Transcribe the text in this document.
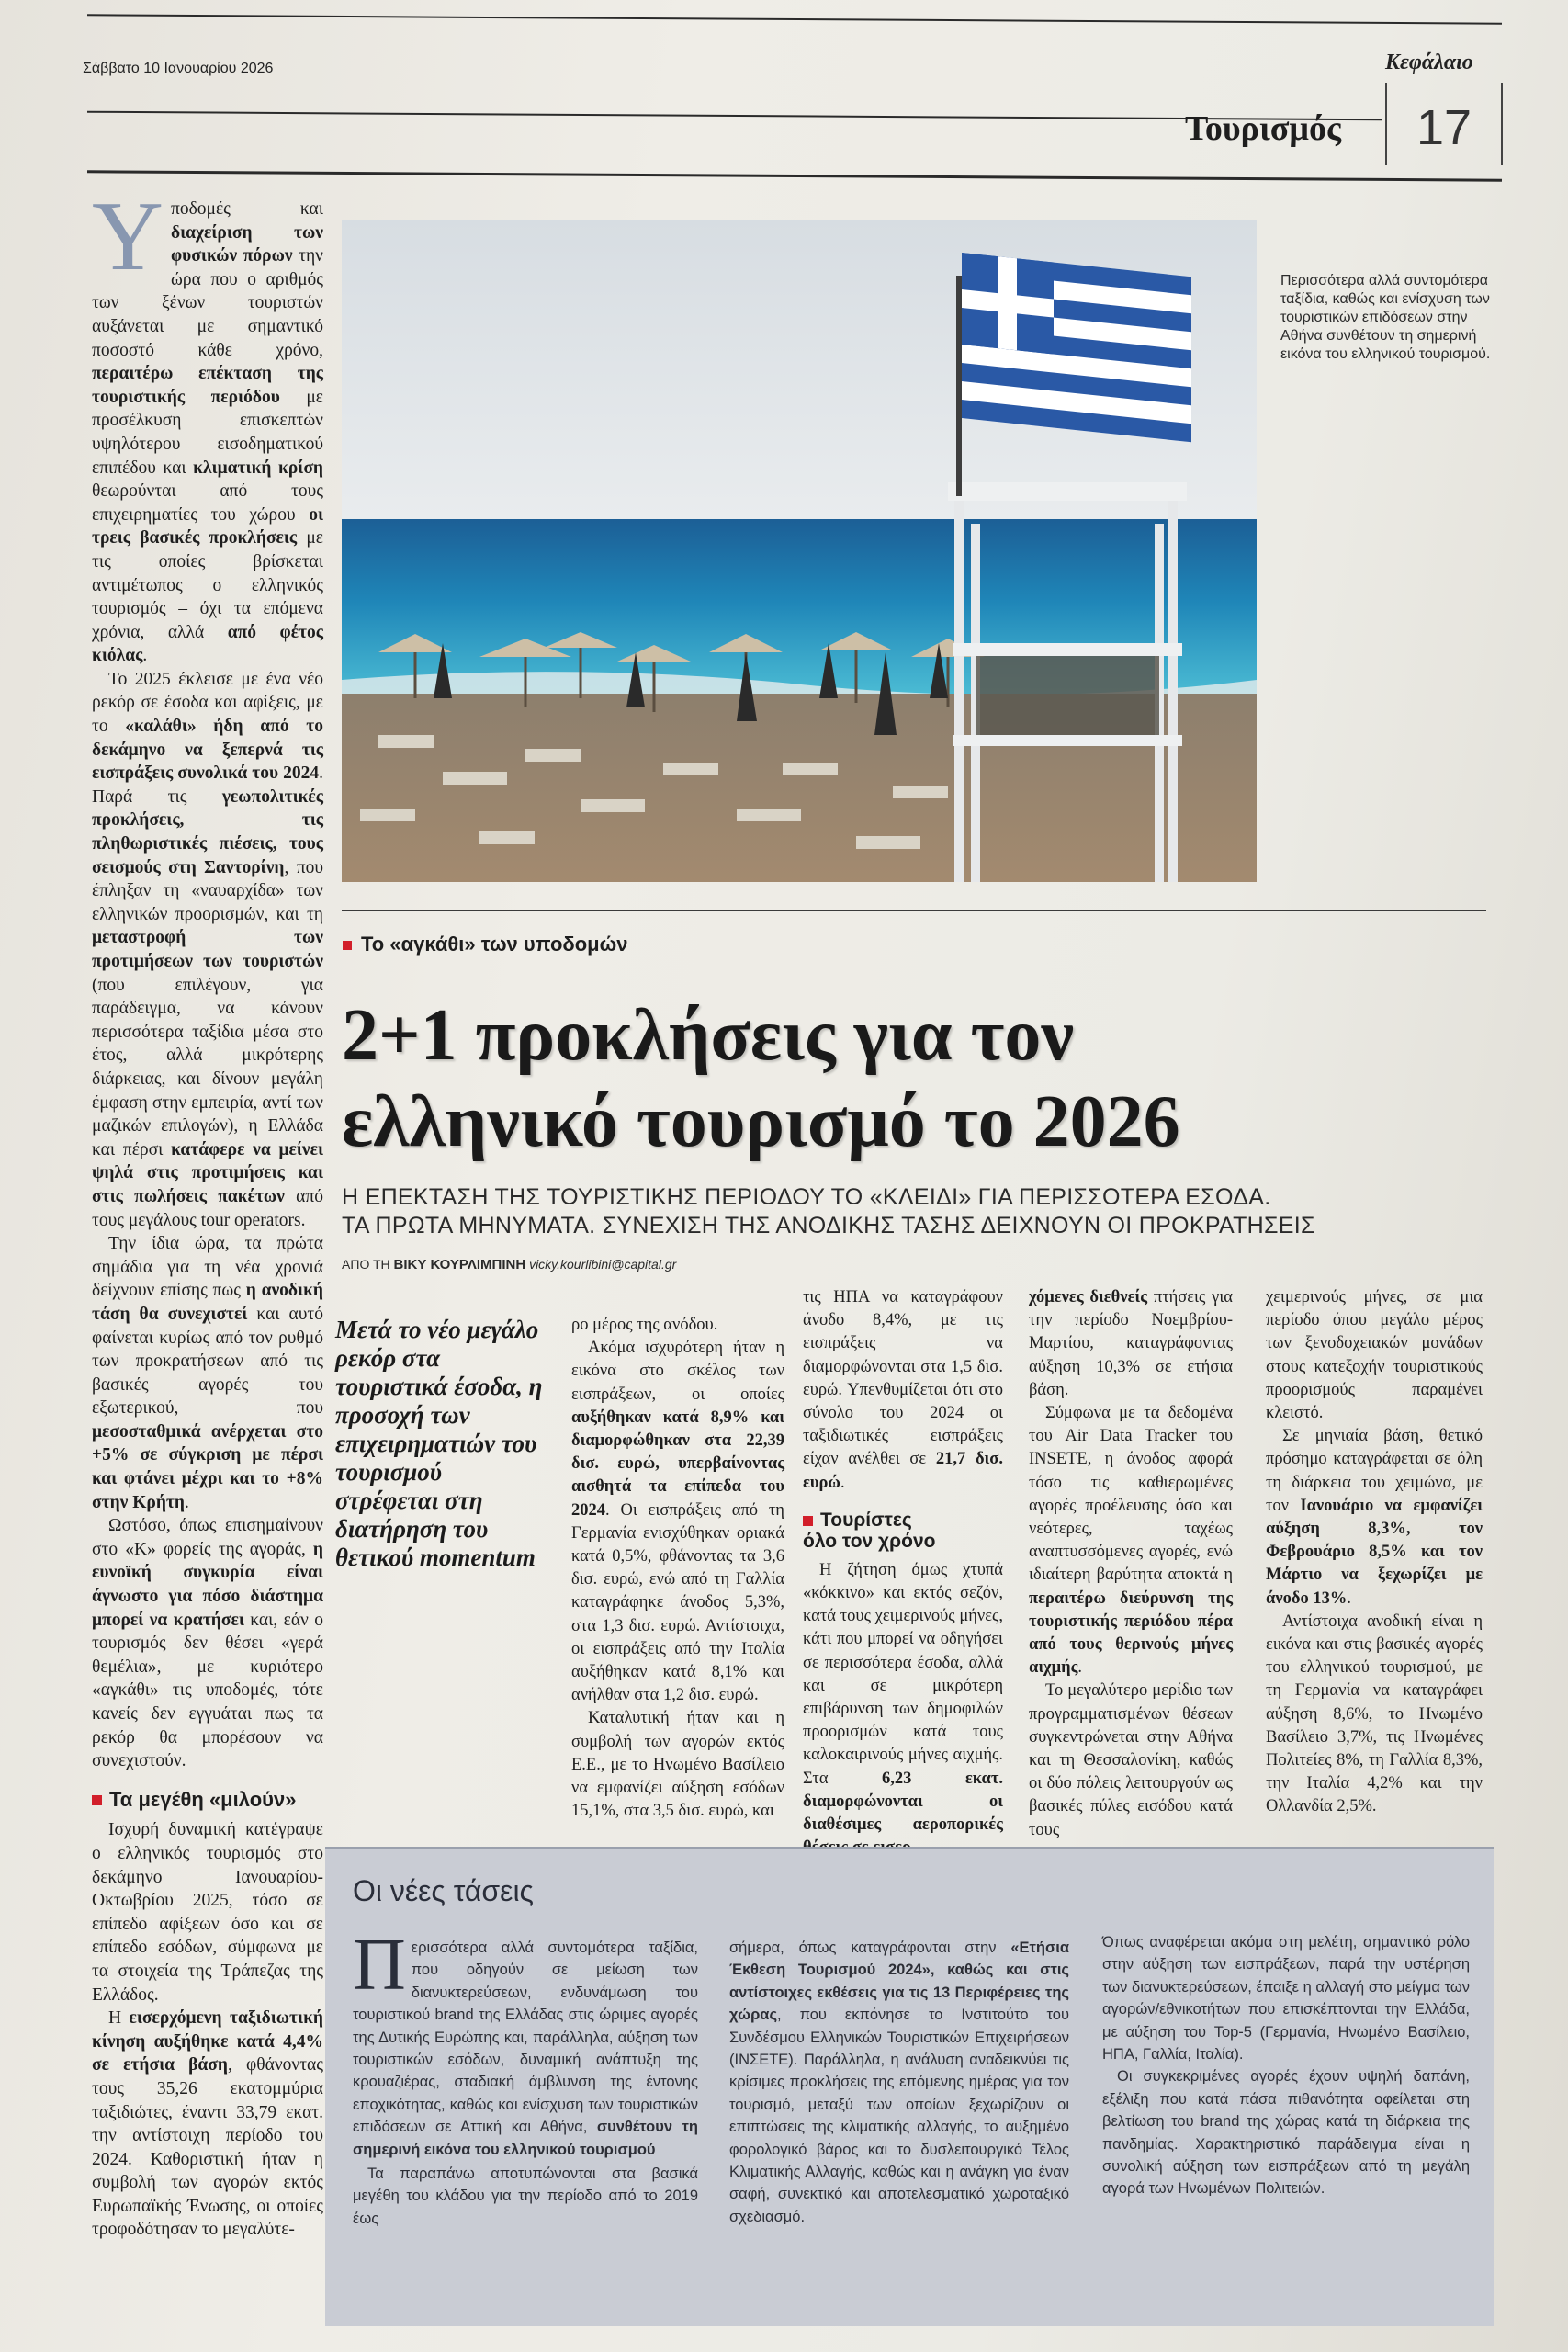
Σάββατο 10 Ιανουαρίου 2026	Κεφάλαιο
Τουρισμός 17

Υ ποδομές και διαχείριση των φυσικών πόρων την ώρα που ο αριθμός των ξένων τουριστών αυξάνεται με σημαντικό ποσοστό κάθε χρόνο, περαιτέρω επέκταση της τουριστικής περιόδου με προσέλκυση επισκεπτών υψηλότερου εισοδηματικού επιπέδου και κλιματική κρίση θεωρούνται από τους επιχειρηματίες του χώρου οι τρεις βασικές προκλήσεις με τις οποίες βρίσκεται αντιμέτωπος ο ελληνικός τουρισμός – όχι τα επόμενα χρόνια, αλλά από φέτος κιόλας.

Το 2025 έκλεισε με ένα νέο ρεκόρ σε έσοδα και αφίξεις, με το «καλάθι» ήδη από το δεκάμηνο να ξεπερνά τις εισπράξεις συνολικά του 2024. Παρά τις γεωπολιτικές προκλήσεις, τις πληθωριστικές πιέσεις, τους σεισμούς στη Σαντορίνη, που έπληξαν τη «ναυαρχίδα» των ελληνικών προορισμών, και τη μεταστροφή των προτιμήσεων των τουριστών (που επιλέγουν, για παράδειγμα, να κάνουν περισσότερα ταξίδια μέσα στο έτος, αλλά μικρότερης διάρκειας, και δίνουν μεγάλη έμφαση στην εμπειρία, αντί των μαζικών επιλογών), η Ελλάδα και πέρσι κατάφερε να μείνει ψηλά στις προτιμήσεις και στις πωλήσεις πακέτων από τους μεγάλους tour operators.

Την ίδια ώρα, τα πρώτα σημάδια για τη νέα χρονιά δείχνουν επίσης πως η ανοδική τάση θα συνεχιστεί και αυτό φαίνεται κυρίως από τον ρυθμό των προκρατήσεων από τις βασικές αγορές του εξωτερικού, που μεσοσταθμικά ανέρχεται στο +5% σε σύγκριση με πέρσι και φτάνει μέχρι και το +8% στην Κρήτη.

Ωστόσο, όπως επισημαίνουν στο «Κ» φορείς της αγοράς, η ευνοϊκή συγκυρία είναι άγνωστο για πόσο διάστημα μπορεί να κρατήσει και, εάν ο τουρισμός δεν θέσει «γερά θεμέλια», με κυριότερο «αγκάθι» τις υποδομές, τότε κανείς δεν εγγυάται πως τα ρεκόρ θα μπορέσουν να συνεχιστούν.

Τα μεγέθη «μιλούν»

Ισχυρή δυναμική κατέγραψε ο ελληνικός τουρισμός στο δεκάμηνο Ιανουαρίου-Οκτωβρίου 2025, τόσο σε επίπεδο αφίξεων όσο και σε επίπεδο εσόδων, σύμφωνα με τα στοιχεία της Τράπεζας της Ελλάδος.

Η εισερχόμενη ταξιδιωτική κίνηση αυξήθηκε κατά 4,4% σε ετήσια βάση, φθάνοντας τους 35,26 εκατομμύρια ταξιδιώτες, έναντι 33,79 εκατ. την αντίστοιχη περίοδο του 2024. Καθοριστική ήταν η συμβολή των αγορών εκτός Ευρωπαϊκής Ένωσης, οι οποίες τροφοδότησαν το μεγαλύτε-

Περισσότερα αλλά συντομότερα ταξίδια, καθώς και ενίσχυση των τουριστικών επιδόσεων στην Αθήνα συνθέτουν τη σημερινή εικόνα του ελληνικού τουρισμού.
Το «αγκάθι» των υποδομών
2+1 προκλήσεις για τον
ελληνικό τουρισμό το 2026
Η ΕΠΕΚΤΑΣΗ ΤΗΣ ΤΟΥΡΙΣΤΙΚΗΣ ΠΕΡΙΟΔΟΥ ΤΟ «ΚΛΕΙΔΙ» ΓΙΑ ΠΕΡΙΣΣΟΤΕΡΑ ΕΣΟΔΑ.
ΤΑ ΠΡΩΤΑ ΜΗΝΥΜΑΤΑ. ΣΥΝΕΧΙΣΗ ΤΗΣ ΑΝΟΔΙΚΗΣ ΤΑΣΗΣ ΔΕΙΧΝΟΥΝ ΟΙ ΠΡΟΚΡΑΤΗΣΕΙΣ
ΑΠΟ ΤΗ ΒΙΚΥ ΚΟΥΡΛΙΜΠΙΝΗ vicky.kourlibini@capital.gr
Μετά το νέο μεγάλο ρεκόρ στα τουριστικά έσοδα, η προσοχή των επιχειρηματιών του τουρισμού στρέφεται στη διατήρηση του θετικού momentum

ρο μέρος της ανόδου.

Ακόμα ισχυρότερη ήταν η εικόνα στο σκέλος των εισπράξεων, οι οποίες αυξήθηκαν κατά 8,9% και διαμορφώθηκαν στα 22,39 δισ. ευρώ, υπερβαίνοντας αισθητά τα επίπεδα του 2024. Οι εισπράξεις από τη Γερμανία ενισχύθηκαν οριακά κατά 0,5%, φθάνοντας τα 3,6 δισ. ευρώ, ενώ από τη Γαλλία καταγράφηκε άνοδος 5,3%, στα 1,3 δισ. ευρώ. Αντίστοιχα, οι εισπράξεις από την Ιταλία αυξήθηκαν κατά 8,1% και ανήλθαν στα 1,2 δισ. ευρώ.

Καταλυτική ήταν και η συμβολή των αγορών εκτός Ε.Ε., με το Ηνωμένο Βασίλειο να εμφανίζει αύξηση εσόδων 15,1%, στα 3,5 δισ. ευρώ, και

τις ΗΠΑ να καταγράφουν άνοδο 8,4%, με τις εισπράξεις να διαμορφώνονται στα 1,5 δισ. ευρώ. Υπενθυμίζεται ότι στο σύνολο του 2024 οι ταξιδιωτικές εισπράξεις είχαν ανέλθει σε 21,7 δισ. ευρώ.

Τουρίστες
όλο τον χρόνο

Η ζήτηση όμως χτυπά «κόκκινο» και εκτός σεζόν, κατά τους χειμερινούς μήνες, κάτι που μπορεί να οδηγήσει σε περισσότερα έσοδα, αλλά και σε μικρότερη επιβάρυνση των δημοφιλών προορισμών κατά τους καλοκαιρινούς μήνες αιχμής. Στα 6,23 εκατ. διαμορφώνονται οι διαθέσιμες αεροπορικές

χόμενες διεθνείς πτήσεις για την περίοδο Νοεμβρίου-Μαρτίου, καταγράφοντας αύξηση 10,3% σε ετήσια βάση.

Σύμφωνα με τα δεδομένα του Air Data Tracker του INSETE, η άνοδος αφορά τόσο τις καθιερωμένες αγορές προέλευσης όσο και νεότερες, ταχέως αναπτυσσόμενες αγορές, ενώ ιδιαίτερη βαρύτητα αποκτά η περαιτέρω διεύρυνση της τουριστικής περιόδου πέρα από τους θερινούς μήνες αιχμής.

Το μεγαλύτερο μερίδιο των προγραμματισμένων θέσεων συγκεντρώνεται στην Αθήνα και τη Θεσσαλονίκη, καθώς οι δύο πόλεις λειτουργούν ως βασικές πύλες εισόδου κατά τους

χειμερινούς μήνες, σε μια περίοδο όπου μεγάλο μέρος των ξενοδοχειακών μονάδων στους κατεξοχήν τουριστικούς προορισμούς παραμένει κλειστό.

Σε μηνιαία βάση, θετικό πρόσημο καταγράφεται σε όλη τη διάρκεια του χειμώνα, με τον Ιανουάριο να εμφανίζει αύξηση 8,3%, τον Φεβρουάριο 8,5% και τον Μάρτιο να ξεχωρίζει με άνοδο 13%.

Αντίστοιχα ανοδική είναι η εικόνα και στις βασικές αγορές του ελληνικού τουρισμού, με τη Γερμανία να καταγράφει αύξηση 8,6%, το Ηνωμένο Βασίλειο 3,7%, τις Ηνωμένες Πολιτείες 8%, τη Γαλλία 8,3%, την Ιταλία 4,2% και την Ολλανδία 2,5%.

Οι νέες τάσεις
Περισσότερα αλλά συντομότερα ταξίδια, που οδηγούν σε μείωση των διανυκτερεύσεων, ενδυνάμωση του τουριστικού brand της Ελλάδας στις ώριμες αγορές της Δυτικής Ευρώπης και, παράλληλα, αύξηση των τουριστικών εσόδων, δυναμική ανάπτυξη της κρουαζιέρας, σταδιακή άμβλυνση της έντονης εποχικότητας, καθώς και ενίσχυση των τουριστικών επιδόσεων σε Αττική και Αθήνα, συνθέτουν τη σημερινή εικόνα του ελληνικού τουρισμού
Τα παραπάνω αποτυπώνονται στα βασικά μεγέθη του κλάδου για την περίοδο από το 2019 έως
σήμερα, όπως καταγράφονται στην «Ετήσια Έκθεση Τουρισμού 2024», καθώς και στις αντίστοιχες εκθέσεις για τις 13 Περιφέρειες της χώρας, που εκπόνησε το Ινστιτούτο του Συνδέσμου Ελληνικών Τουριστικών Επιχειρήσεων (ΙΝΣΕΤΕ). Παράλληλα, η ανάλυση αναδεικνύει τις κρίσιμες προκλήσεις της επόμενης ημέρας για τον τουρισμό, μεταξύ των οποίων ξεχωρίζουν οι επιπτώσεις της κλιματικής αλλαγής, το αυξημένο φορολογικό βάρος και το δυσλειτουργικό Τέλος Κλιματικής Αλλαγής, καθώς και η ανάγκη για έναν σαφή, συνεκτικό και αποτελεσματικό χωροταξικό σχεδιασμό.
Όπως αναφέρεται ακόμα στη μελέτη, σημαντικό ρόλο στην αύξηση των εισπράξεων, παρά την υστέρηση των διανυκτερεύσεων, έπαιξε η αλλαγή στο μείγμα των αγορών/εθνικοτήτων που επισκέπτονται την Ελλάδα, με αύξηση του Top-5 (Γερμανία, Ηνωμένο Βασίλειο, ΗΠΑ, Γαλλία, Ιταλία).
Οι συγκεκριμένες αγορές έχουν υψηλή δαπάνη, εξέλιξη που κατά πάσα πιθανότητα οφείλεται στη βελτίωση του brand της χώρας κατά τη διάρκεια της πανδημίας. Χαρακτηριστικό παράδειγμα είναι η συνολική αύξηση των εισπράξεων από τη μεγάλη αγορά των Ηνωμένων Πολιτειών.
